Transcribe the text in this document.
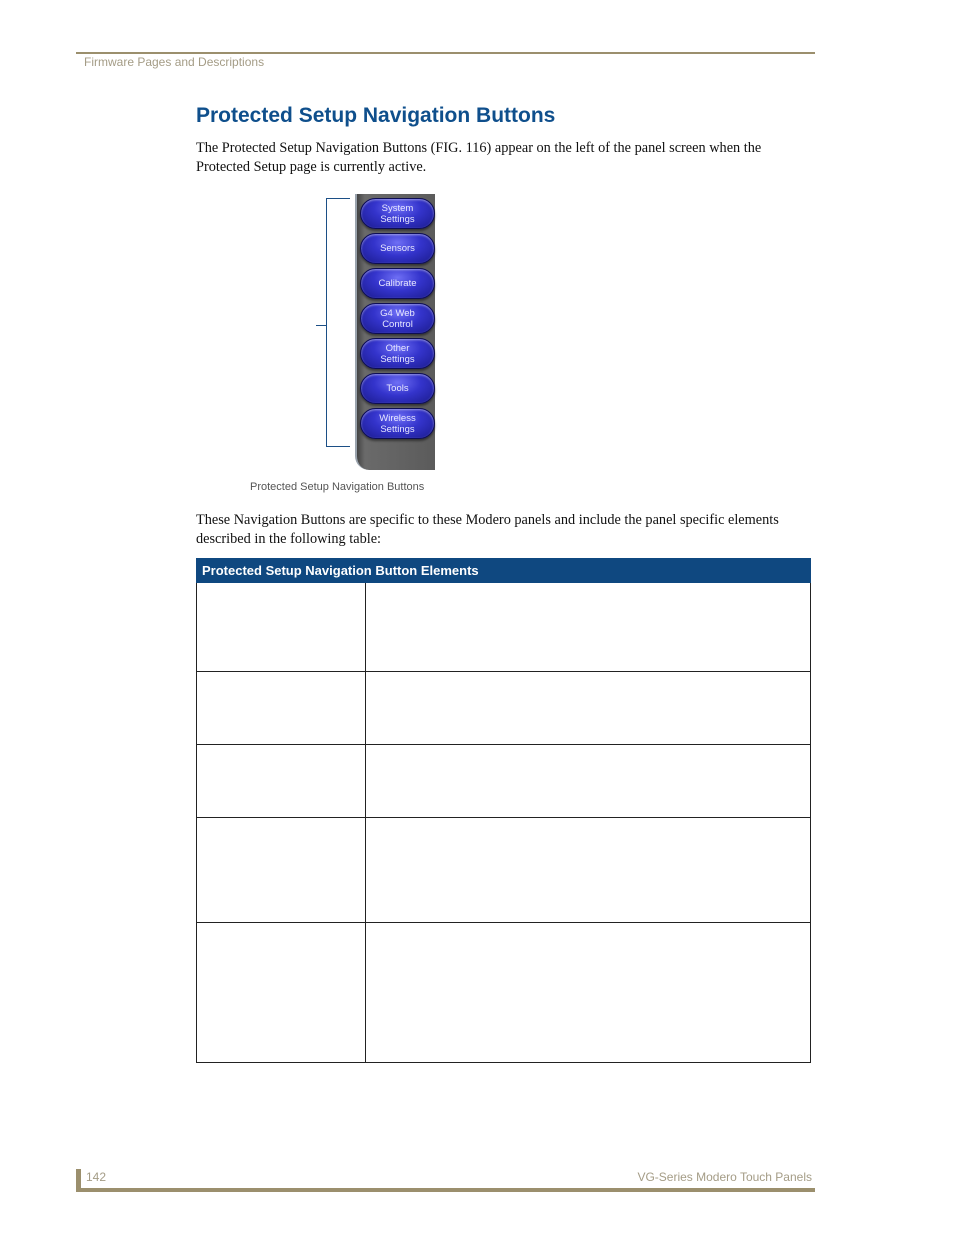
Firmware Pages and Descriptions
Protected Setup Navigation Buttons

The Protected Setup Navigation Buttons (FIG. 116) appear on the left of the panel screen when the Protected Setup page is currently active.

System
Settings
Sensors
Calibrate
G4 Web
Control
Other
Settings
Tools
Wireless
Settings
Protected Setup Navigation Buttons

These Navigation Buttons are specific to these Modero panels and include the panel specific elements described in the following table:

Protected Setup Navigation Button Elements	

142	VG-Series Modero Touch Panels
